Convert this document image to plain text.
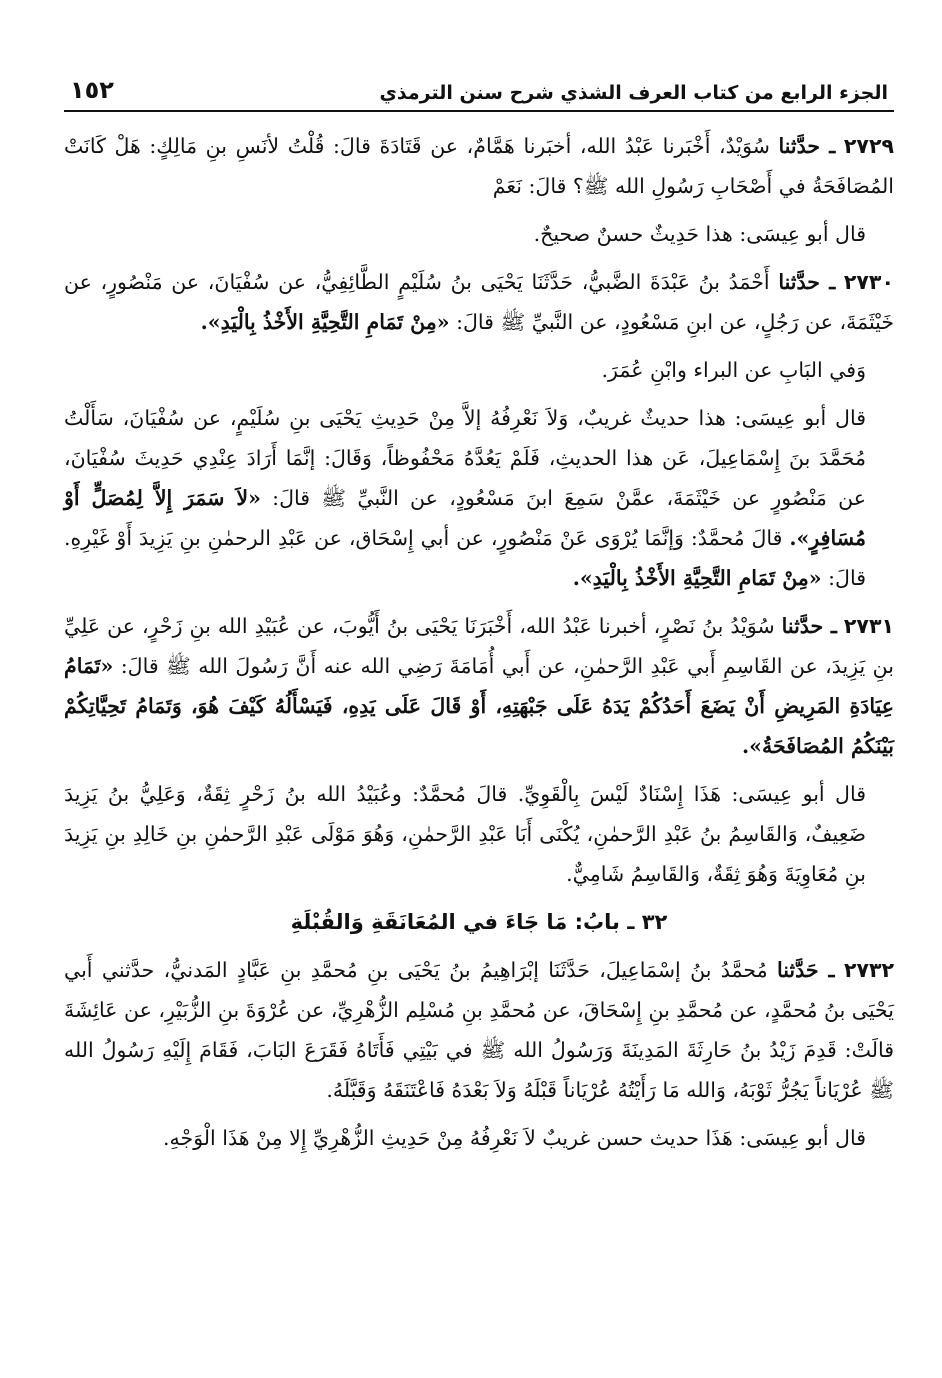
الجزء الرابع من كتاب العرف الشذي شرح سنن الترمذي
١٥٢

٢٧٢٩ ـ حدَّثنا سُوَيْدٌ، أَخْبَرنا عَبْدُ الله، أخبَرنا هَمَّامٌ، عن قَتَادَةَ قالَ: قُلْتُ لأنَسِ بنِ مَالِكٍ: هَلْ كَانَتْ المُصَافَحَةُ في أَصْحَابِ رَسُولِ الله ﷺ؟ قالَ: نَعَمْ

قال أبو عِيسَى: هذا حَدِيثٌ حسنٌ صحيحٌ.

٢٧٣٠ ـ حدَّثنا أَحْمَدُ بنُ عَبْدَةَ الضَّبيُّ، حَدَّثَنَا يَحْيَى بنُ سُلَيْمٍ الطَّائِفِيُّ، عن سُفْيَانَ، عن مَنْصُورٍ، عن خَيْثَمَةَ، عن رَجُلٍ، عن ابنِ مَسْعُودٍ، عن النَّبيِّ ﷺ قالَ: «مِنْ تَمَامِ التَّحِيَّةِ الأَخْذُ بِالْيَدِ».

وَفي البَابِ عن البراء وابْنِ عُمَرَ.

قال أبو عِيسَى: هذا حديثٌ غريبٌ، وَلاَ نَعْرِفُهُ إلاَّ مِنْ حَدِيثِ يَحْيَى بنِ سُلَيْمٍ، عن سُفْيَانَ، سَأَلْتُ مُحَمَّدَ بنَ إِسْمَاعِيلَ، عَن هذا الحديثِ، فَلَمْ يَعُدَّهُ مَحْفُوظاً، وَقَالَ: إنَّمَا أَرَادَ عِنْدِي حَدِيثَ سُفْيَانَ، عن مَنْصُورٍ عن خَيْثَمَةَ، عمَّنْ سَمِعَ ابنَ مَسْعُودٍ، عن النَّبيِّ ﷺ قالَ: «لاَ سَمَرَ إِلاَّ لِمُصَلٍّ أَوْ مُسَافِرٍ». قالَ مُحمَّدٌ: وَإنَّمَا يُرْوَى عَنْ مَنْصُورٍ، عن أبي إِسْحَاق، عن عَبْدِ الرحمٰنِ بنِ يَزِيدَ أَوْ غَيْرِهِ. قالَ: «مِنْ تَمَامِ التَّحِيَّةِ الأَخْذُ بِالْيَدِ».

٢٧٣١ ـ حدَّثنا سُوَيْدُ بنُ نَصْرٍ، أخبرنا عَبْدُ الله، أَخْبَرَنَا يَحْيَى بنُ أَيُّوبَ، عن عُبَيْدِ الله بنِ زَحْرٍ، عن عَلِيِّ بنِ يَزِيدَ، عن القَاسِمِ أَبي عَبْدِ الرَّحمٰنِ، عن أَبي أُمَامَةَ رَضِي الله عنه أَنَّ رَسُولَ الله ﷺ قالَ: «تَمَامُ عِيَادَةِ المَرِيضِ أَنْ يَضَعَ أَحَدُكُمْ يَدَهُ عَلَى جَبْهَتِهِ، أَوْ قَالَ عَلَى يَدِهِ، فَيَسْأَلُهُ كَيْفَ هُوَ، وَتَمَامُ تَحِيَّاتِكُمْ بَيْنَكُمُ المُصَافَحَةُ».

قال أبو عِيسَى: هَذَا إِسْنَادٌ لَيْسَ بِالْقَوِيِّ. قالَ مُحمَّدٌ: وعُبَيْدُ الله بنُ زَحْرٍ ثِقَةٌ، وَعَلِيُّ بنُ يَزِيدَ ضَعِيفٌ، وَالقَاسِمُ بنُ عَبْدِ الرَّحمٰنِ، يُكْنَى أَبَا عَبْدِ الرَّحمٰنِ، وَهُوَ مَوْلَى عَبْدِ الرَّحمٰنِ بنِ خَالِدِ بنِ يَزِيدَ بنِ مُعَاوِيَةَ وَهُوَ ثِقَةٌ، وَالقَاسِمُ شَامِيٌّ.

٣٢ ـ بابُ: مَا جَاءَ في المُعَانَقَةِ وَالقُبْلَةِ

٢٧٣٢ ـ حَدَّثنا مُحمَّدُ بنُ إسْمَاعِيلَ، حَدَّثَنَا إبْرَاهِيمُ بنُ يَحْيَى بنِ مُحمَّدِ بنِ عَبَّادٍ المَدنيُّ، حدَّثني أَبي يَحْيَى بنُ مُحمَّدٍ، عن مُحمَّدِ بنِ إِسْحَاقَ، عن مُحمَّدِ بنِ مُسْلِم الزُّهْرِيِّ، عن عُرْوَةَ بنِ الزُّبَيْرِ، عن عَائِشَةَ قالَتْ: قَدِمَ زَيْدُ بنُ حَارِثَةَ المَدِينَةَ وَرَسُولُ الله ﷺ في بَيْتِي فَأَتَاهُ فَقَرَعَ البَابَ، فَقَامَ إِلَيْهِ رَسُولُ الله ﷺ عُرْيَاناً يَجُرُّ ثَوْبَهُ، وَالله مَا رَأَيْتُهُ عُرْيَاناً قَبْلَهُ وَلاَ بَعْدَهُ فَاعْتَنَقَهُ وَقَبَّلَهُ.

قال أبو عِيسَى: هَذَا حديث حسن غريبٌ لاَ نَعْرِفُهُ مِنْ حَدِيثِ الزُّهْرِيِّ إِلا مِنْ هَذَا الْوَجْهِ.
